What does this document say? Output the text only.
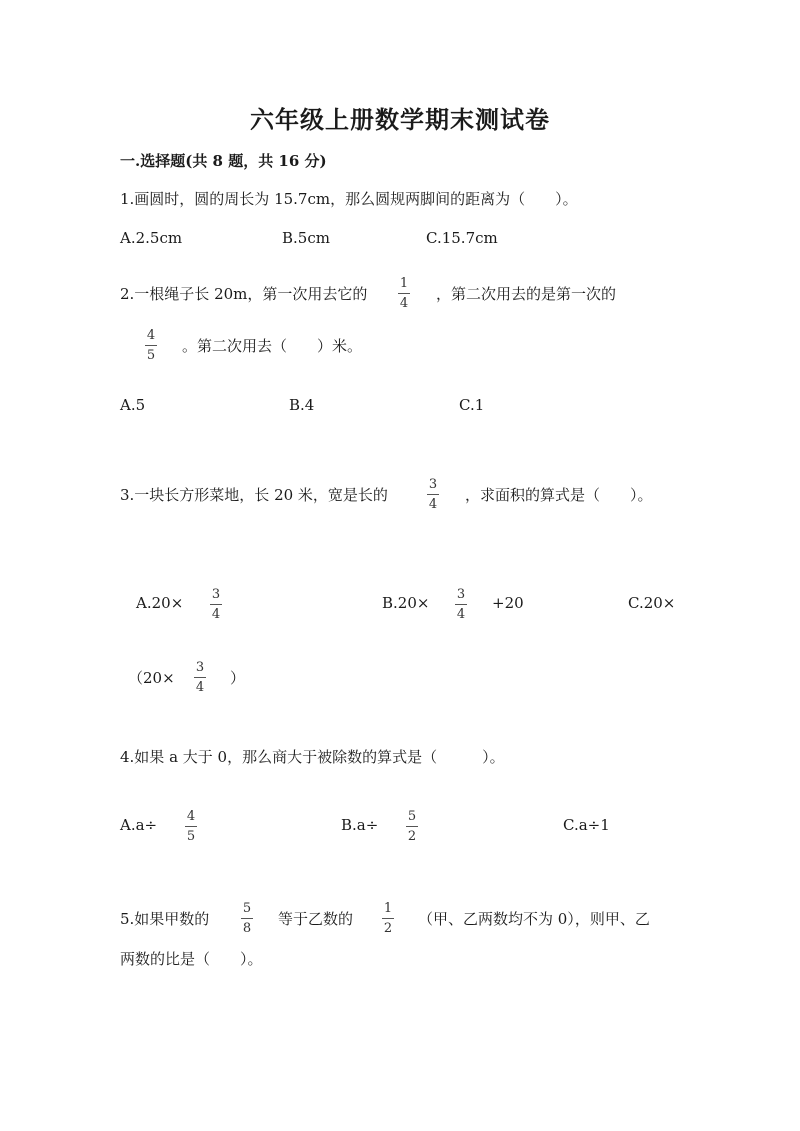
六年级上册数学期末测试卷
一.选择题(共 8 题，共 16 分)
1.画圆时，圆的周长为 15.7cm，那么圆规两脚间的距离为（　　）。
A.2.5cm	B.5cm	C.15.7cm
2.一根绳子长 20m，第一次用去它的
1
4
，第二次用去的是第一次的
4
5
。第二次用去（　　）米。
A.5	B.4	C.1
3.一块长方形菜地，长 20 米，宽是长的
3
4
，求面积的算式是（　　）。
A.20× 3
4
B.20× 3
4
+20	C.20×
（20×
3
4
）
4.如果 a 大于 0，那么商大于被除数的算式是（　　　）。
A.a÷ 4
5
B.a÷ 5
2
C.a÷1
5.如果甲数的
5
8
等于乙数的
1
2
（甲、乙两数均不为 0），则甲、乙
两数的比是（　　）。
